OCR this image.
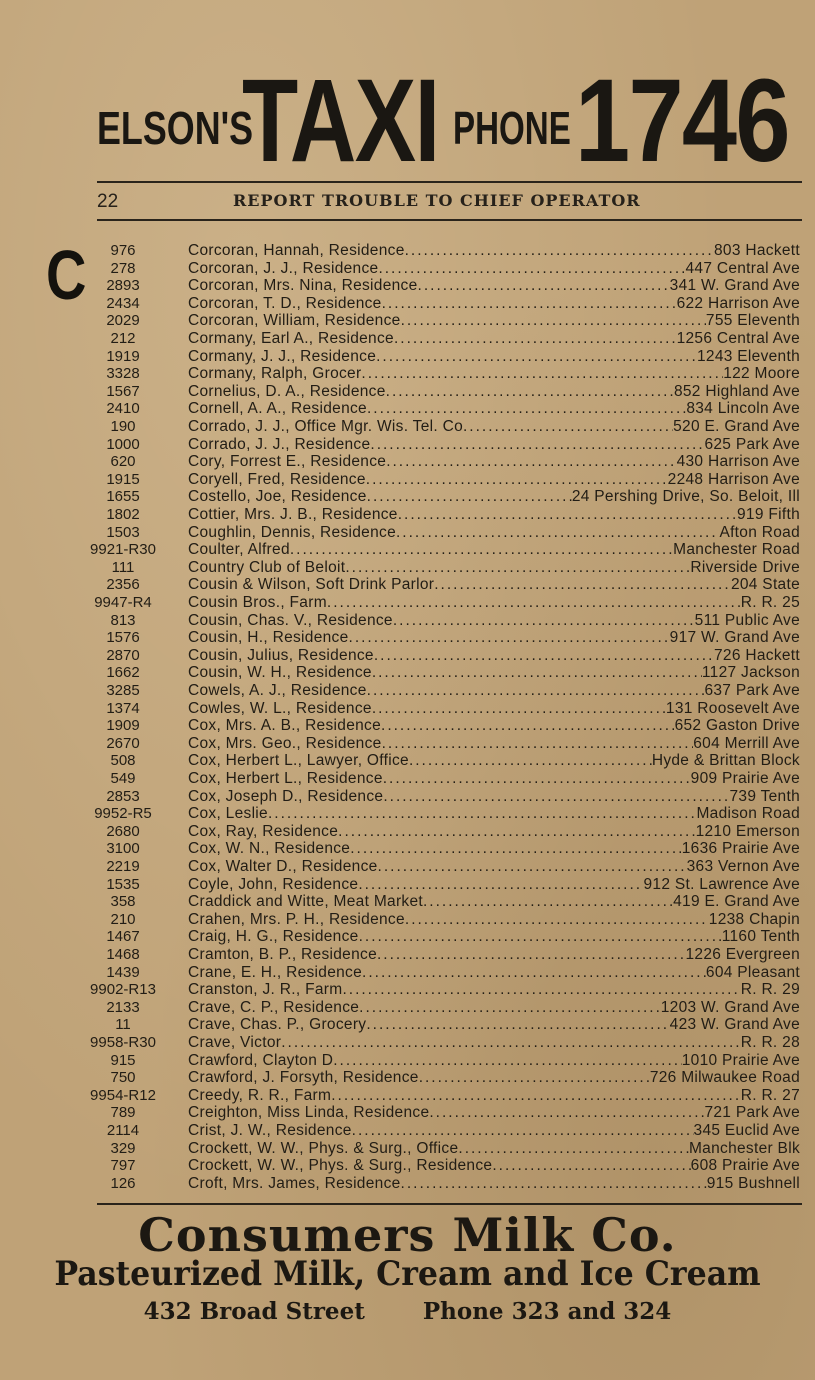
ELSON'S
TAXI PHONE 1746
22	REPORT TROUBLE TO CHIEF OPERATOR
C	976	Corcoran, Hannah, Residence .....	803 Hackett
278	Corcoran, J. J., Residence .....	447 Central Ave
2893	Corcoran, Mrs. Nina, Residence .....	341 W. Grand Ave
2434	Corcoran, T. D., Residence .....	622 Harrison Ave
2029	Corcoran, William, Residence .....	755 Eleventh
212	Cormany, Earl A., Residence .....	1256 Central Ave
1919	Cormany, J. J., Residence .....	1243 Eleventh
3328	Cormany, Ralph, Grocer .....	122 Moore
1567	Cornelius, D. A., Residence .....	852 Highland Ave
2410	Cornell, A. A., Residence .....	834 Lincoln Ave
190	Corrado, J. J., Office Mgr. Wis. Tel. Co .....	520 E. Grand Ave
1000	Corrado, J. J., Residence .....	625 Park Ave
620	Cory, Forrest E., Residence .....	430 Harrison Ave
1915	Coryell, Fred, Residence .....	2248 Harrison Ave
1655	Costello, Joe, Residence .....	24 Pershing Drive, So. Beloit, Ill
1802	Cottier, Mrs. J. B., Residence .....	919 Fifth
1503	Coughlin, Dennis, Residence .....	Afton Road
9921-R30	Coulter, Alfred .....	Manchester Road
111	Country Club of Beloit .....	Riverside Drive
2356	Cousin & Wilson, Soft Drink Parlor .....	204 State
9947-R4	Cousin Bros., Farm .....	R. R. 25
813	Cousin, Chas. V., Residence .....	511 Public Ave
1576	Cousin, H., Residence .....	917 W. Grand Ave
2870	Cousin, Julius, Residence .....	726 Hackett
1662	Cousin, W. H., Residence .....	1127 Jackson
3285	Cowels, A. J., Residence .....	637 Park Ave
1374	Cowles, W. L., Residence .....	131 Roosevelt Ave
1909	Cox, Mrs. A. B., Residence .....	652 Gaston Drive
2670	Cox, Mrs. Geo., Residence .....	604 Merrill Ave
508	Cox, Herbert L., Lawyer, Office .....	Hyde & Brittan Block
549	Cox, Herbert L., Residence .....	909 Prairie Ave
2853	Cox, Joseph D., Residence .....	739 Tenth
9952-R5	Cox, Leslie .....	Madison Road
2680	Cox, Ray, Residence .....	1210 Emerson
3100	Cox, W. N., Residence .....	1636 Prairie Ave
2219	Cox, Walter D., Residence .....	363 Vernon Ave
1535	Coyle, John, Residence .....	912 St. Lawrence Ave
358	Craddick and Witte, Meat Market .....	419 E. Grand Ave
210	Crahen, Mrs. P. H., Residence .....	1238 Chapin
1467	Craig, H. G., Residence .....	1160 Tenth
1468	Cramton, B. P., Residence .....	1226 Evergreen
1439	Crane, E. H., Residence .....	604 Pleasant
9902-R13	Cranston, J. R., Farm .....	R. R. 29
2133	Crave, C. P., Residence .....	1203 W. Grand Ave
11	Crave, Chas. P., Grocery .....	423 W. Grand Ave
9958-R30	Crave, Victor .....	R. R. 28
915	Crawford, Clayton D .....	1010 Prairie Ave
750	Crawford, J. Forsyth, Residence .....	726 Milwaukee Road
9954-R12	Creedy, R. R., Farm .....	R. R. 27
789	Creighton, Miss Linda, Residence .....	721 Park Ave
2114	Crist, J. W., Residence .....	345 Euclid Ave
329	Crockett, W. W., Phys. & Surg., Office .....	Manchester Blk
797	Crockett, W. W., Phys. & Surg., Residence .....	608 Prairie Ave
126	Croft, Mrs. James, Residence .....	915 Bushnell
Consumers Milk Co.
Pasteurized Milk, Cream and Ice Cream
432 Broad Street	Phone 323 and 324
